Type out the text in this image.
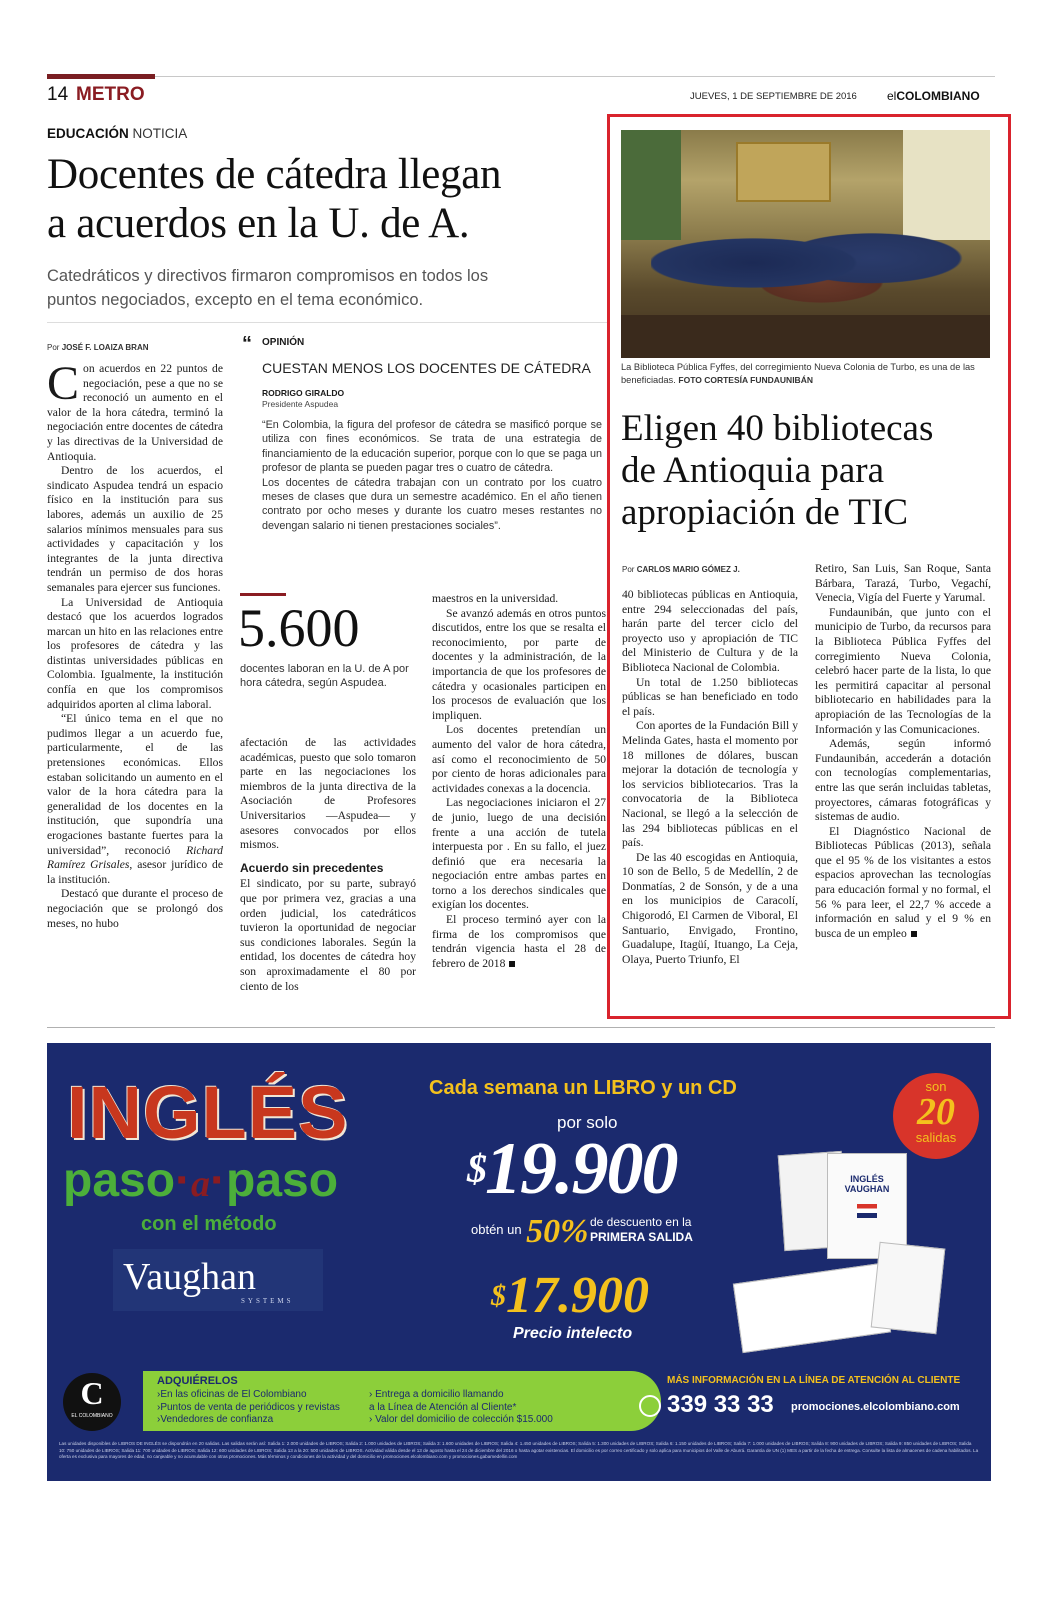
14 METRO	JUEVES, 1 DE SEPTIEMBRE DE 2016	elCOLOMBIANO
EDUCACIÓN NOTICIA
Docentes de cátedra llegan
a acuerdos en la U. de A.
Catedráticos y directivos firmaron compromisos en todos los
puntos negociados, excepto en el tema económico.
Por JOSÉ F. LOAIZA BRAN

Con acuerdos en 22 puntos de negociación, pese a que no se reconoció un aumento en el valor de la hora cátedra, terminó la negociación entre docentes de cátedra y las directivas de la Universidad de Antioquia.

Dentro de los acuerdos, el sindicato Aspudea tendrá un espacio físico en la institución para sus labores, además un auxilio de 25 salarios mínimos mensuales para sus actividades y capacitación y los integrantes de la junta directiva tendrán un permiso de dos horas semanales para ejercer sus funciones.

La Universidad de Antioquia destacó que los acuerdos logrados marcan un hito en las relaciones entre los profesores de cátedra y las distintas universidades públicas en Colombia. Igualmente, la institución confía en que los compromisos adquiridos aporten al clima laboral.

“El único tema en el que no pudimos llegar a un acuerdo fue, particularmente, el de las pretensiones económicas. Ellos estaban solicitando un aumento en el valor de la hora cátedra para la generalidad de los docentes en la institución, que supondría una erogaciones bastante fuertes para la universidad”, reconoció Richard Ramírez Grisales, asesor jurídico de la institución.

Destacó que durante el proceso de negociación que se prolongó dos meses, no hubo

“ OPINIÓN
CUESTAN MENOS LOS DOCENTES DE CÁTEDRA
RODRIGO GIRALDO
Presidente Aspudea
“En Colombia, la figura del profesor de cátedra se masificó porque se utiliza con fines económicos. Se trata de una estrategia de financiamiento de la educación superior, porque con lo que se paga un profesor de planta se pueden pagar tres o cuatro de cátedra.
Los docentes de cátedra trabajan con un contrato por los cuatro meses de clases que dura un semestre académico. En el año tienen contrato por ocho meses y durante los cuatro meses restantes no devengan salario ni tienen prestaciones sociales”.
5.600
docentes laboran en la U. de A por hora cátedra, según Aspudea.

afectación de las actividades académicas, puesto que solo tomaron parte en las negociaciones los miembros de la junta directiva de la Asociación de Profesores Universitarios —Aspudea— y asesores convocados por ellos mismos.

Acuerdo sin precedentes

El sindicato, por su parte, subrayó que por primera vez, gracias a una orden judicial, los catedráticos tuvieron la oportunidad de negociar sus condiciones laborales. Según la entidad, los docentes de cátedra hoy son aproximadamente el 80 por ciento de los

maestros en la universidad.

Se avanzó además en otros puntos discutidos, entre los que se resalta el reconocimiento, por parte de docentes y la administración, de la importancia de que los profesores de cátedra y ocasionales participen en los procesos de evaluación que los impliquen.

Los docentes pretendían un aumento del valor de hora cátedra, así como el reconocimiento de 50 por ciento de horas adicionales para actividades conexas a la docencia.

Las negociaciones iniciaron el 27 de junio, luego de una decisión frente a una acción de tutela interpuesta por . En su fallo, el juez definió que era necesaria la negociación entre ambas partes en torno a los derechos sindicales que exigían los docentes.

El proceso terminó ayer con la firma de los compromisos que tendrán vigencia hasta el 28 de febrero de 2018

La Biblioteca Pública Fyffes, del corregimiento Nueva Colonia de Turbo, es una de las beneficiadas. FOTO CORTESÍA FUNDAUNIBÁN
Eligen 40 bibliotecas
de Antioquia para
apropiación de TIC
Por CARLOS MARIO GÓMEZ J.

40 bibliotecas públicas en Antioquia, entre 294 seleccionadas del país, harán parte del tercer ciclo del proyecto uso y apropiación de TIC del Ministerio de Cultura y de la Biblioteca Nacional de Colombia.

Un total de 1.250 bibliotecas públicas se han beneficiado en todo el país.

Con aportes de la Fundación Bill y Melinda Gates, hasta el momento por 18 millones de dólares, buscan mejorar la dotación de tecnología y los servicios bibliotecarios. Tras la convocatoria de la Biblioteca Nacional, se llegó a la selección de las 294 bibliotecas públicas en el país.

De las 40 escogidas en Antioquia, 10 son de Bello, 5 de Medellín, 2 de Donmatías, 2 de Sonsón, y de a una en los municipios de Caracolí, Chigorodó, El Carmen de Viboral, El Santuario, Envigado, Frontino, Guadalupe, Itagüí, Ituango, La Ceja, Olaya, Puerto Triunfo, El

Retiro, San Luis, San Roque, Santa Bárbara, Tarazá, Turbo, Vegachí, Venecia, Vigía del Fuerte y Yarumal.

Fundaunibán, que junto con el municipio de Turbo, da recursos para la Biblioteca Pública Fyffes del corregimiento Nueva Colonia, celebró hacer parte de la lista, lo que les permitirá capacitar al personal bibliotecario en habilidades para la apropiación de las Tecnologías de la Información y las Comunicaciones.

Además, según informó Fundaunibán, accederán a dotación con tecnologías complementarias, entre las que serán incluidas tabletas, proyectores, cámaras fotográficas y sistemas de audio.

El Diagnóstico Nacional de Bibliotecas Públicas (2013), señala que el 95 % de los visitantes a estos espacios aprovechan las tecnologías para educación formal y no formal, el 56 % para leer, el 22,7 % accede a información en salud y el 9 % en busca de un empleo

INGLÉS
paso·a·paso
con el método
Vaughan
SYSTEMS
Cada semana un LIBRO y un CD
por solo
$19.900
$^{obtén un}$ 50% de descuento en la
PRIMERA SALIDA
$17.900
Precio intelecto
son
20
salidas
INGLÉS VAUGHAN
C
EL COLOMBIANO
ADQUIÉRELOS
›En las oficinas de El Colombiano
›Puntos de venta de periódicos y revistas
›Vendedores de confianza
› Entrega a domicilio llamando
a la Línea de Atención al Cliente*
› Valor del domicilio de colección $15.000
MÁS INFORMACIÓN EN LA LÍNEA DE ATENCIÓN AL CLIENTE
339 33 33 promociones.elcolombiano.com
Las unidades disponibles de LIBROS DE INGLÉS se dispondrán en 20 salidas. Las salidas serán así: Salida 1: 2.000 unidades de LIBROS; Salida 2: 1.000 unidades de LIBROS; Salida 3: 1.600 unidades de LIBROS; Salida 4: 1.450 unidades de LIBROS; Salida 5: 1.300 unidades de LIBROS; Salida 6: 1.150 unidades de LIBROS; Salida 7: 1.000 unidades de LIBROS; Salida 8: 900 unidades de LIBROS; Salida 9: 850 unidades de LIBROS; Salida 10: 750 unidades de LIBROS; Salida 11: 700 unidades de LIBROS; Salida 12: 600 unidades de LIBROS; Salida 13 a la 20: 500 unidades de LIBROS. Actividad válida desde el 13 de agosto hasta el 24 de diciembre del 2016 o hasta agotar existencias. El domicilio es por correo certificado y solo aplica para municipios del Valle de Aburrá. Garantía de UN (1) MES a partir de la fecha de entrega. Consulte la lista de almacenes de cadena habilitados. La oferta es exclusiva para mayores de edad, no canjeable y no acumulable con otras promociones. Más términos y condiciones de la actividad y del domicilio en promociones.elcolombiano.com y promociones.gabamedellin.com
